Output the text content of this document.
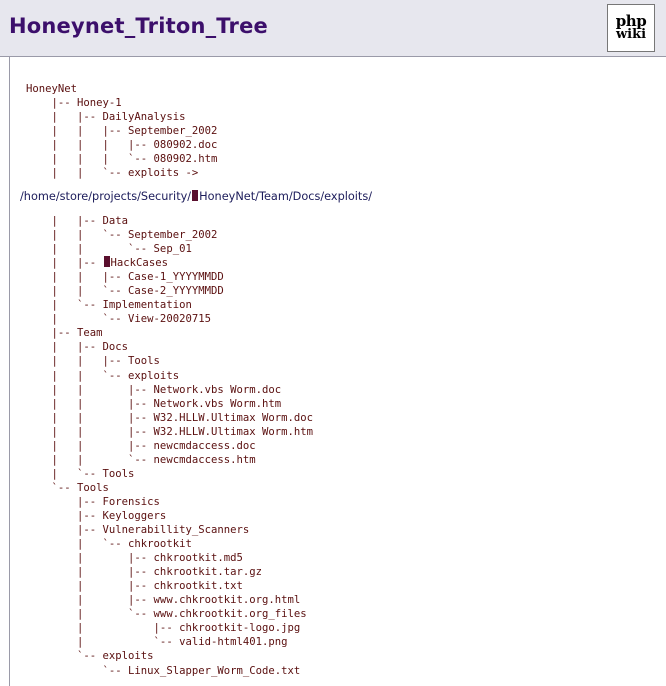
Honeynet_Triton_Tree	php
wiki
HoneyNet
|-- Honey-1
|   |-- DailyAnalysis
|   |   |-- September_2002
|   |   |   |-- 080902.doc
|   |   |   `-- 080902.htm
|   |   `-- exploits ->
/home/store/projects/Security/ HoneyNet/Team/Docs/exploits/
|   |-- Data
|   |   `-- September_2002
|   |       `-- Sep_01
|   |-- HackCases
|   |   |-- Case-1_YYYYMMDD
|   |   `-- Case-2_YYYYMMDD
|   `-- Implementation
|       `-- View-20020715
|-- Team
|   |-- Docs
|   |   |-- Tools
|   |   `-- exploits
|   |       |-- Network.vbs Worm.doc
|   |       |-- Network.vbs Worm.htm
|   |       |-- W32.HLLW.Ultimax Worm.doc
|   |       |-- W32.HLLW.Ultimax Worm.htm
|   |       |-- newcmdaccess.doc
|   |       `-- newcmdaccess.htm
|   `-- Tools
`-- Tools
|-- Forensics
|-- Keyloggers
|-- Vulnerabillity_Scanners
|   `-- chkrootkit
|       |-- chkrootkit.md5
|       |-- chkrootkit.tar.gz
|       |-- chkrootkit.txt
|       |-- www.chkrootkit.org.html
|       `-- www.chkrootkit.org_files
|           |-- chkrootkit-logo.jpg
|           `-- valid-html401.png
`-- exploits
`-- Linux_Slapper_Worm_Code.txt
